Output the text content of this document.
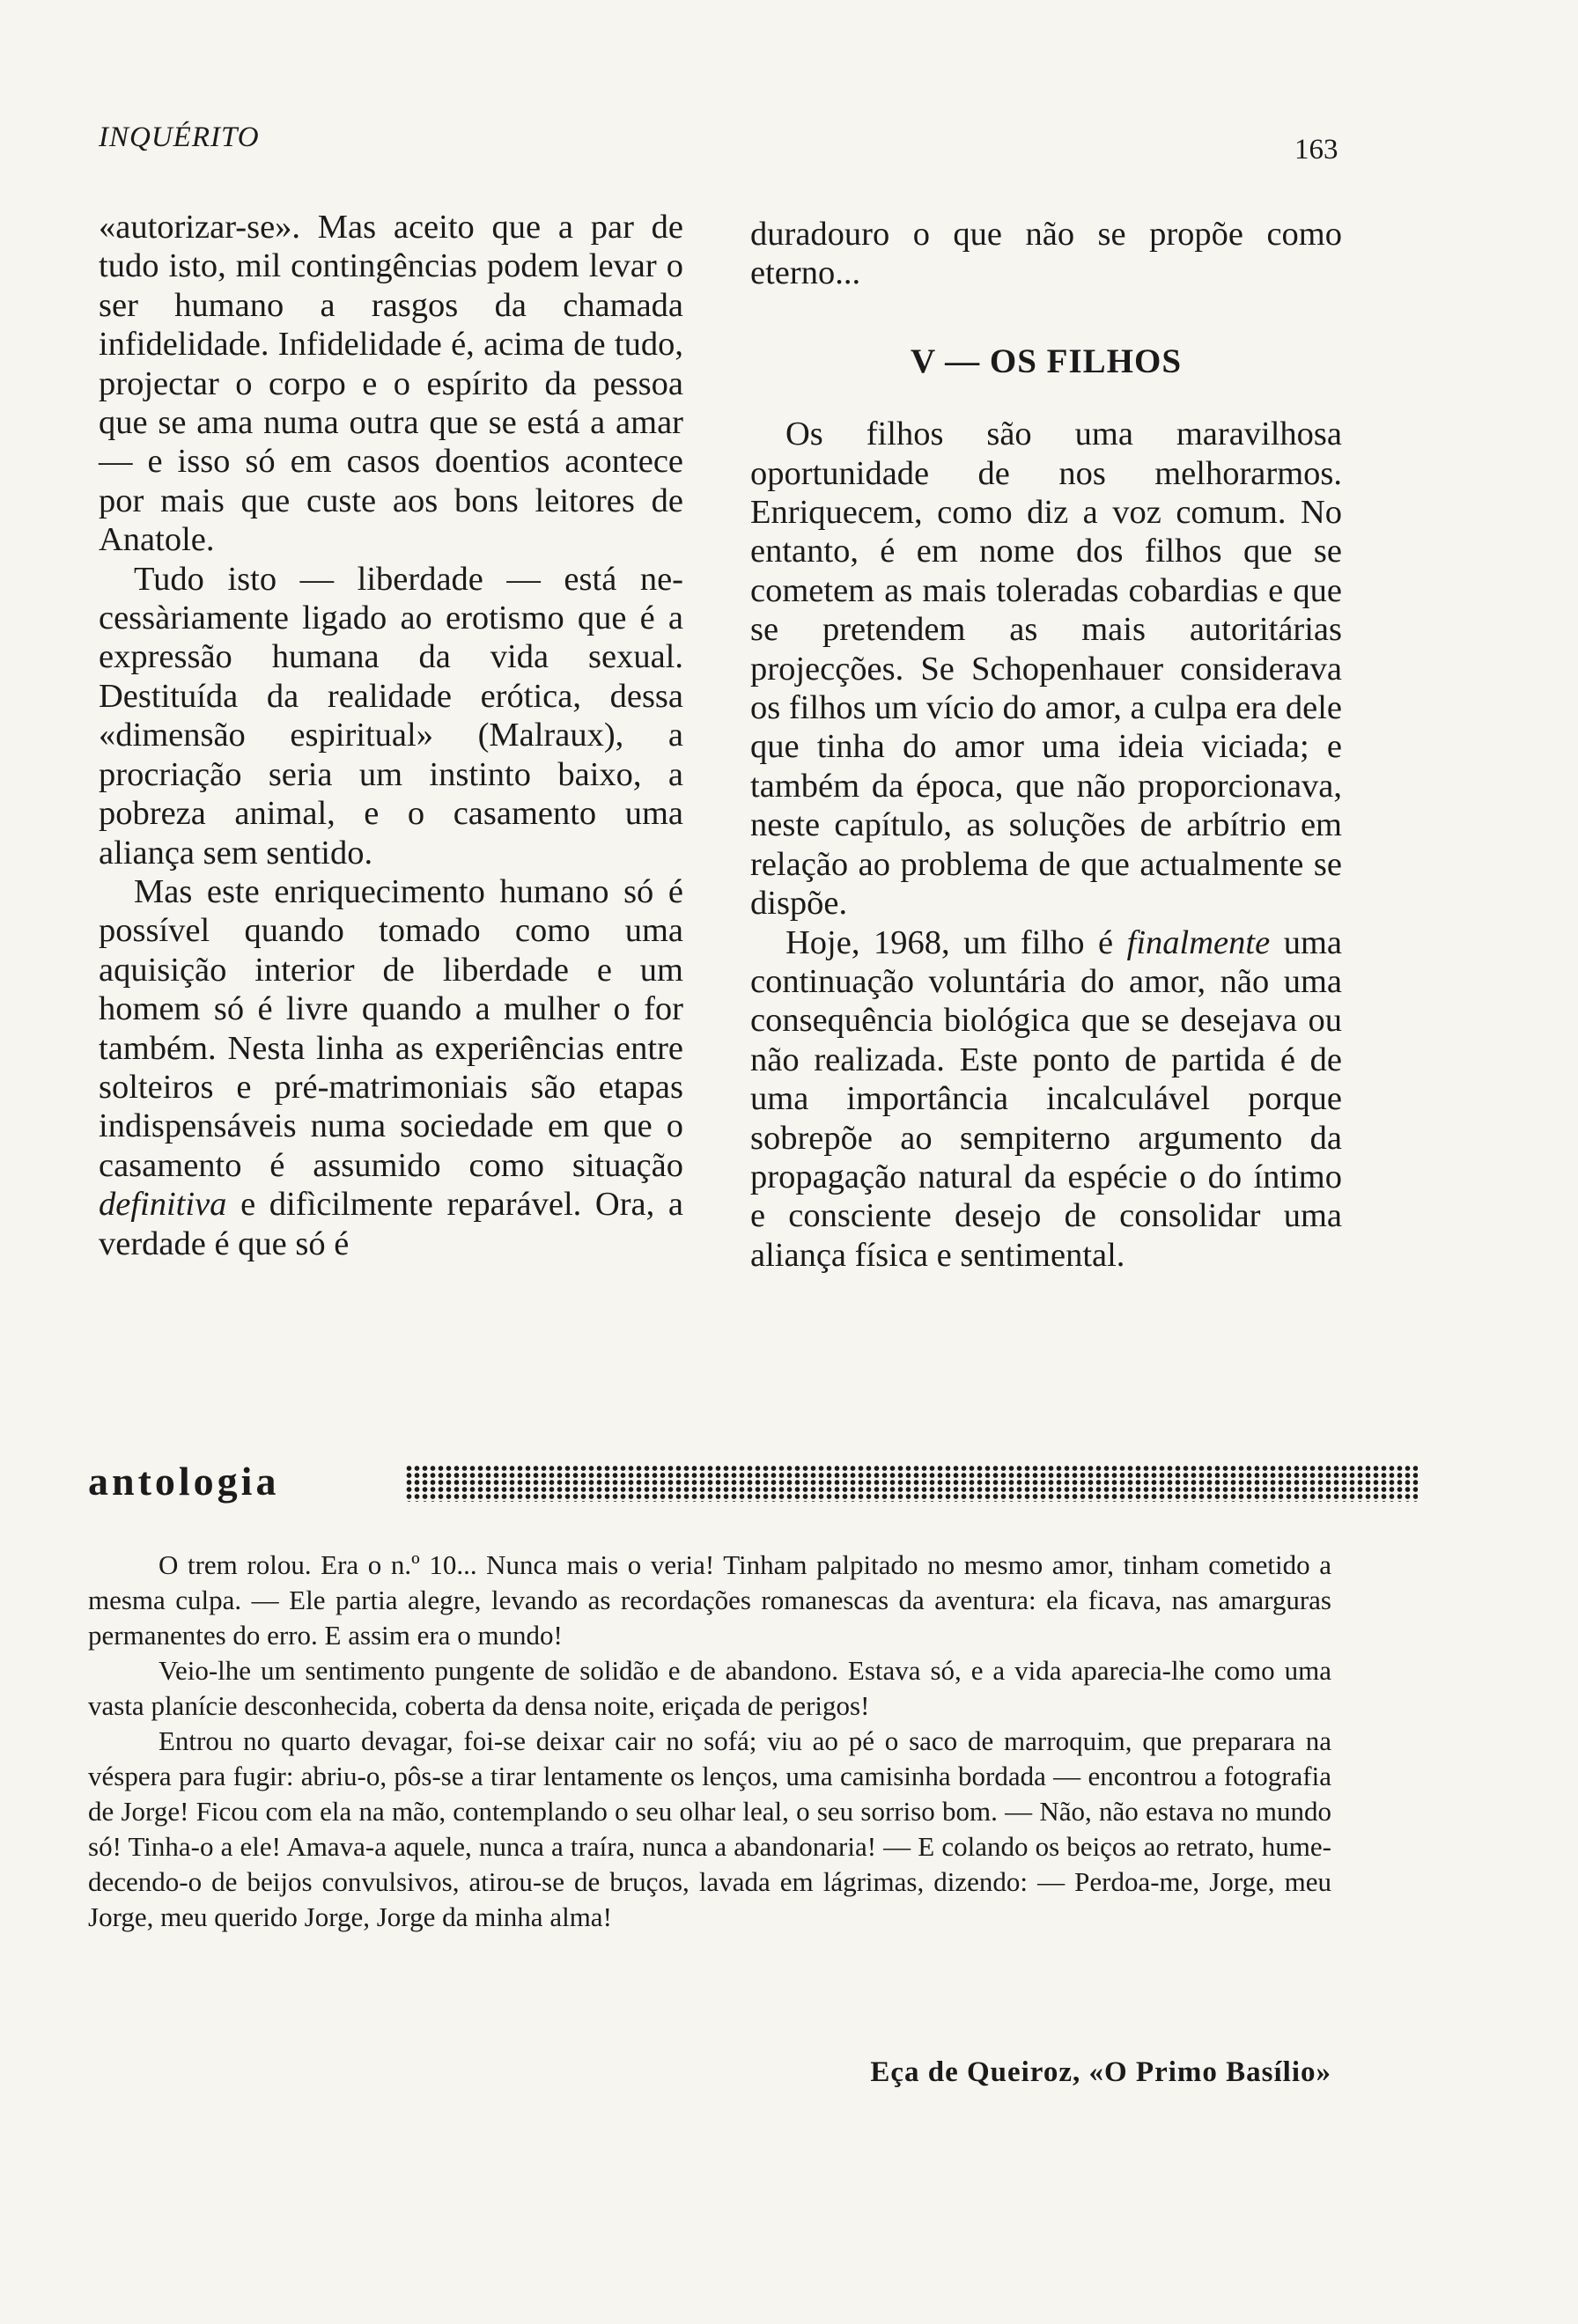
INQUÉRITO	163

«autorizar-se». Mas aceito que a par de tudo isto, mil contingências podem levar o ser humano a rasgos da chamada infidelidade. Infidelidade é, acima de tudo, projectar o corpo e o espírito da pessoa que se ama numa outra que se está a amar — e isso só em casos doentios acontece por mais que custe aos bons leitores de Anatole.

Tudo isto — liberdade — está necessàriamente ligado ao erotismo que é a expressão humana da vida sexual. Destituída da realidade erótica, dessa «dimensão espiritual» (Malraux), a procriação seria um instinto baixo, a pobreza animal, e o casamento uma aliança sem sentido.

Mas este enriquecimento humano só é possível quando tomado como uma aquisição interior de liberdade e um homem só é livre quando a mulher o for também. Nesta linha as experiências entre solteiros e pré-matrimoniais são etapas indispensáveis numa sociedade em que o casamento é assumido como situação definitiva e difìcilmente reparável. Ora, a verdade é que só é

duradouro o que não se propõe como eterno...

V — OS FILHOS

Os filhos são uma maravilhosa oportunidade de nos melhorarmos. Enriquecem, como diz a voz comum. No entanto, é em nome dos filhos que se cometem as mais toleradas cobardias e que se pretendem as mais autoritárias projecções. Se Schopenhauer considerava os filhos um vício do amor, a culpa era dele que tinha do amor uma ideia viciada; e também da época, que não proporcionava, neste capítulo, as soluções de arbítrio em relação ao problema de que actualmente se dispõe.

Hoje, 1968, um filho é finalmente uma continuação voluntária do amor, não uma consequência biológica que se desejava ou não realizada. Este ponto de partida é de uma importância incalculável porque sobrepõe ao sempiterno argumento da propagação natural da espécie o do íntimo e consciente desejo de consolidar uma aliança física e sentimental.

antologia

O trem rolou. Era o n.º 10... Nunca mais o veria! Tinham palpitado no mesmo amor, tinham cometido a mesma culpa. — Ele partia alegre, levando as recordações romanescas da aventura: ela ficava, nas amarguras permanentes do erro. E assim era o mundo!

Veio-lhe um sentimento pungente de solidão e de abandono. Estava só, e a vida aparecia-lhe como uma vasta planície desconhecida, coberta da densa noite, eriçada de perigos!

Entrou no quarto devagar, foi-se deixar cair no sofá; viu ao pé o saco de marroquim, que preparara na véspera para fugir: abriu-o, pôs-se a tirar lentamente os lenços, uma camisinha bordada — encontrou a fotografia de Jorge! Ficou com ela na mão, contemplando o seu olhar leal, o seu sorriso bom. — Não, não estava no mundo só! Tinha-o a ele! Amava-a aquele, nunca a traíra, nunca a abandonaria! — E colando os beiços ao retrato, humedecendo-o de beijos convulsivos, atirou-se de bruços, lavada em lágrimas, dizendo: — Perdoa-me, Jorge, meu Jorge, meu querido Jorge, Jorge da minha alma!

Eça de Queiroz, «O Primo Basílio»
